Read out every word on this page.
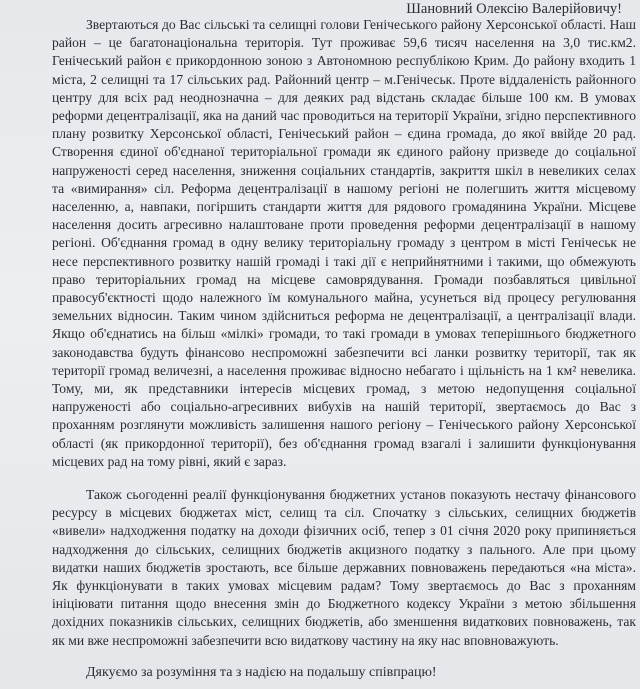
Шановний Олексію Валерійовичу!

Звертаються до Вас сільські та селищні голови Генічеського району Херсонської області. Наш район – це багатонаціональна територія. Тут проживає 59,6 тисяч населення на 3,0 тис.км2. Генічеський район є прикордонною зоною з Автономною республікою Крим. До району входить 1 міста, 2 селищні та 17 сільських рад. Районний центр – м.Генічеськ. Проте віддаленість районного центру для всіх рад неоднозначна – для деяких рад відстань складає більше 100 км. В умовах реформи децентралізації, яка на даний час проводиться на території України, згідно перспективного плану розвитку Херсонської області, Генічеський район – єдина громада, до якої ввійде 20 рад. Створення єдиної об'єднаної територіальної громади як єдиного району призведе до соціальної напруженості серед населення, зниження соціальних стандартів, закриття шкіл в невеликих селах та «вимирання» сіл. Реформа децентралізації в нашому регіоні не полегшить життя місцевому населенню, а, навпаки, погіршить стандарти життя для рядового громадянина України. Місцеве населення досить агресивно налаштоване проти проведення реформи децентралізації в нашому регіоні. Об'єднання громад в одну велику територіальну громаду з центром в місті Генічеськ не несе перспективного розвитку нашій громаді і такі дії є неприйнятними і такими, що обмежують право територіальних громад на місцеве самоврядування. Громади позбавляться цивільної правосуб'єктності щодо належного їм комунального майна, усунеться від процесу регулювання земельних відносин. Таким чином здійсниться реформа не децентралізації, а централізації влади. Якщо об'єднатись на більш «мілкі» громади, то такі громади в умовах теперішнього бюджетного законодавства будуть фінансово неспроможні забезпечити всі ланки розвитку території, так як території громад величезні, а населення проживає відносно небагато і щільність на 1 км² невелика. Тому, ми, як представники інтересів місцевих громад, з метою недопущення соціальної напруженості або соціально-агресивних вибухів на нашій території, звертаємось до Вас з проханням розглянути можливість залишення нашого регіону – Генічеського району Херсонської області (як прикордонної території), без об'єднання громад взагалі і залишити функціонування місцевих рад на тому рівні, який є зараз.

Також сьогоденні реалії функціонування бюджетних установ показують нестачу фінансового ресурсу в місцевих бюджетах міст, селищ та сіл. Спочатку з сільських, селищних бюджетів «вивели» надходження податку на доходи фізичних осіб, тепер з 01 січня 2020 року припиняється надходження до сільських, селищних бюджетів акцизного податку з пального. Але при цьому видатки наших бюджетів зростають, все більше державних повноважень передаються «на міста». Як функціонувати в таких умовах місцевим радам? Тому звертаємось до Вас з проханням ініціювати питання щодо внесення змін до Бюджетного кодексу України з метою збільшення дохідних показників сільських, селищних бюджетів, або зменшення видаткових повноважень, так як ми вже неспроможні забезпечити всю видаткову частину на яку нас вповноважують.

Дякуємо за розуміння та з надією на подальшу співпрацю!
